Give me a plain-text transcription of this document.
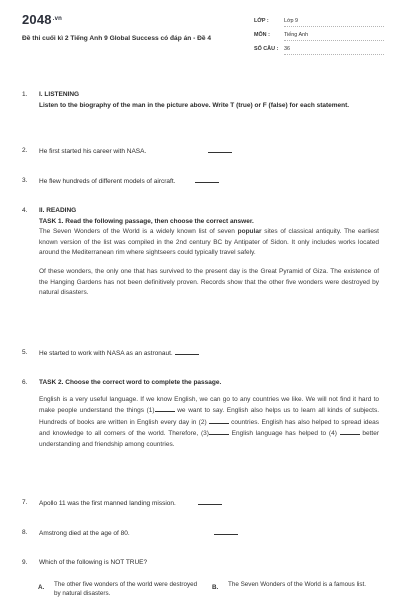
$2048^{.vn}$
Đề thi cuối kì 2 Tiếng Anh 9 Global Success có đáp án - Đề 4
LỚP :	Lớp 9
MÔN :	Tiếng Anh
SỐ CÂU : 36
1.	I. LISTENING
Listen to the biography of the man in the picture above. Write T (true) or F (false) for each statement.
2.	He first started his career with NASA.
3.	He flew hundreds of different models of aircraft.
4.	II. READING
TASK 1. Read the following passage, then choose the correct answer.

The Seven Wonders of the World is a widely known list of seven popular sites of classical antiquity. The earliest known version of the list was compiled in the 2nd century BC by Antipater of Sidon. It only includes works located around the Mediterranean rim where sightseers could typically travel safely.

Of these wonders, the only one that has survived to the present day is the Great Pyramid of Giza. The existence of the Hanging Gardens has not been definitively proven. Records show that the other five wonders were destroyed by natural disasters.

5.	He started to work with NASA as an astronaut.
6.	TASK 2. Choose the correct word to complete the passage.
English is a very useful language. If we know English, we can go to any countries we like. We will not find it hard to make people understand the things (1)	we want to say. English also helps us to learn all kinds of subjects. Hundreds of books are written in English every day in (2)	countries. English has also helped to spread ideas and knowledge to all corners of the world. Therefore, (3)	English language has helped to (4)	better understanding and friendship among countries.
7.	Apollo 11 was the first manned landing mission.
8.	Amstrong died at the age of 80.
9.	Which of the following is NOT TRUE?
A. The other five wonders of the world were destroyed by natural disasters.
B. The Seven Wonders of the World is a famous list.
